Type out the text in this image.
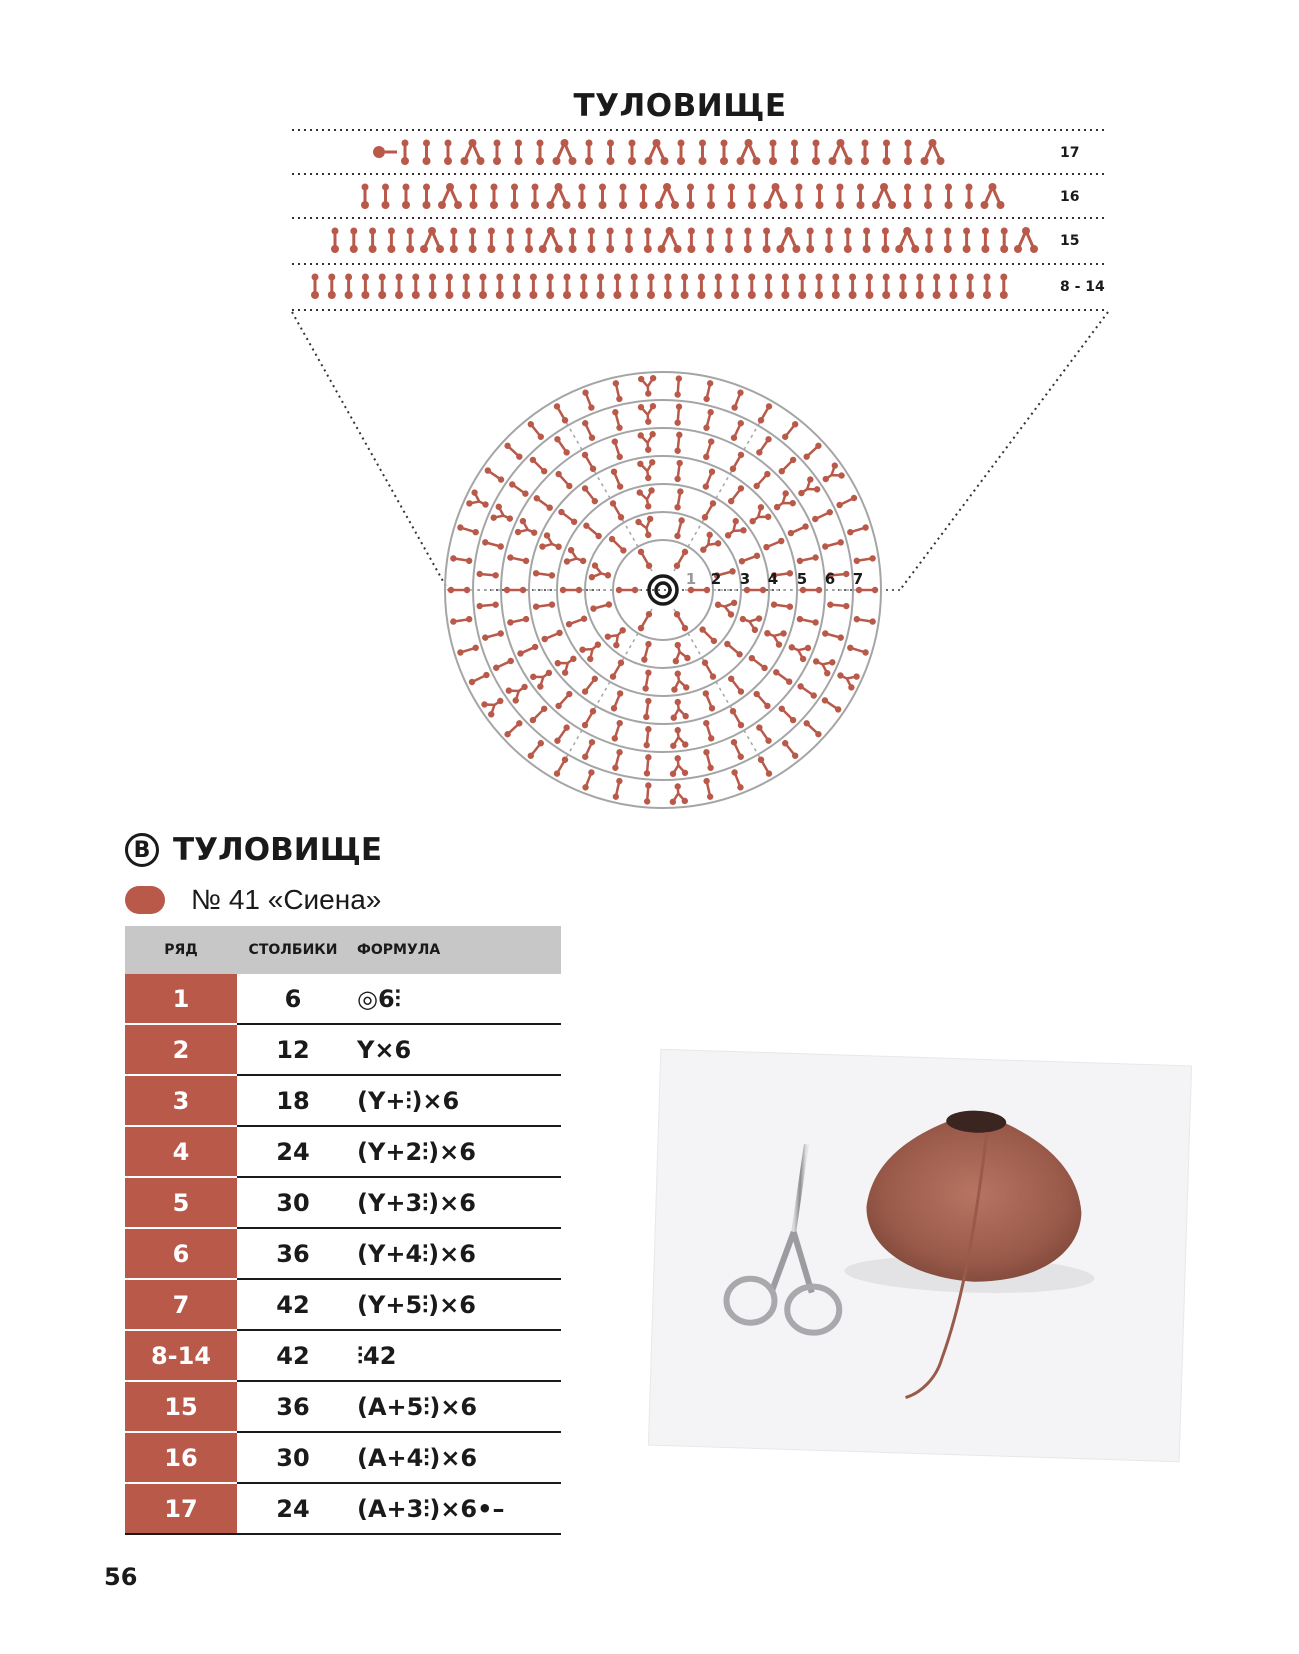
ТУЛОВИЩЕ
17
16
15
8 - 14
1 2 3 4 5 6 7
В ТУЛОВИЩЕ
№ 41 «Сиена»
РЯД	СТОЛБИКИ	ФОРМУЛА
1	6	◎6⫶
2	12	Y×6
3	18	(Y+⫶)×6
4	24	(Y+2⫶)×6
5	30	(Y+3⫶)×6
6	36	(Y+4⫶)×6
7	42	(Y+5⫶)×6
8-14	42	⫶42
15	36	(A+5⫶)×6
16	30	(A+4⫶)×6
17	24	(A+3⫶)×6•–
56
